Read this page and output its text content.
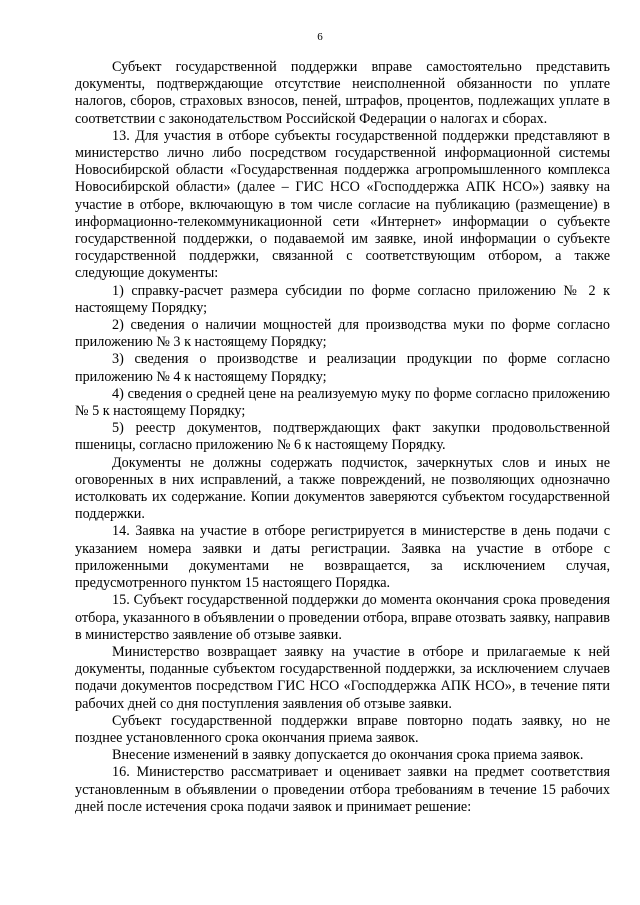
6

Субъект государственной поддержки вправе самостоятельно представить документы, подтверждающие отсутствие неисполненной обязанности по уплате налогов, сборов, страховых взносов, пеней, штрафов, процентов, подлежащих уплате в соответствии с законодательством Российской Федерации о налогах и сборах.

13. Для участия в отборе субъекты государственной поддержки представляют в министерство лично либо посредством государственной информационной системы Новосибирской области «Государственная поддержка агропромышленного комплекса Новосибирской области» (далее – ГИС НСО «Господдержка АПК НСО») заявку на участие в отборе, включающую в том числе согласие на публикацию (размещение) в информационно-телекоммуникационной сети «Интернет» информации о субъекте государственной поддержки, о подаваемой им заявке, иной информации о субъекте государственной поддержки, связанной с соответствующим отбором, а также следующие документы:

1) справку-расчет размера субсидии по форме согласно приложению № 2 к настоящему Порядку;

2) сведения о наличии мощностей для производства муки по форме согласно приложению № 3 к настоящему Порядку;

3) сведения о производстве и реализации продукции по форме согласно приложению № 4 к настоящему Порядку;

4) сведения о средней цене на реализуемую муку по форме согласно приложению № 5 к настоящему Порядку;

5) реестр документов, подтверждающих факт закупки продовольственной пшеницы, согласно приложению № 6 к настоящему Порядку.

Документы не должны содержать подчисток, зачеркнутых слов и иных не оговоренных в них исправлений, а также повреждений, не позволяющих однозначно истолковать их содержание. Копии документов заверяются субъектом государственной поддержки.

14. Заявка на участие в отборе регистрируется в министерстве в день подачи с указанием номера заявки и даты регистрации. Заявка на участие в отборе с приложенными документами не возвращается, за исключением случая, предусмотренного пунктом 15 настоящего Порядка.

15. Субъект государственной поддержки до момента окончания срока проведения отбора, указанного в объявлении о проведении отбора, вправе отозвать заявку, направив в министерство заявление об отзыве заявки.

Министерство возвращает заявку на участие в отборе и прилагаемые к ней документы, поданные субъектом государственной поддержки, за исключением случаев подачи документов посредством ГИС НСО «Господдержка АПК НСО», в течение пяти рабочих дней со дня поступления заявления об отзыве заявки.

Субъект государственной поддержки вправе повторно подать заявку, но не позднее установленного срока окончания приема заявок.

Внесение изменений в заявку допускается до окончания срока приема заявок.

16. Министерство рассматривает и оценивает заявки на предмет соответствия установленным в объявлении о проведении отбора требованиям в течение 15 рабочих дней после истечения срока подачи заявок и принимает решение:
